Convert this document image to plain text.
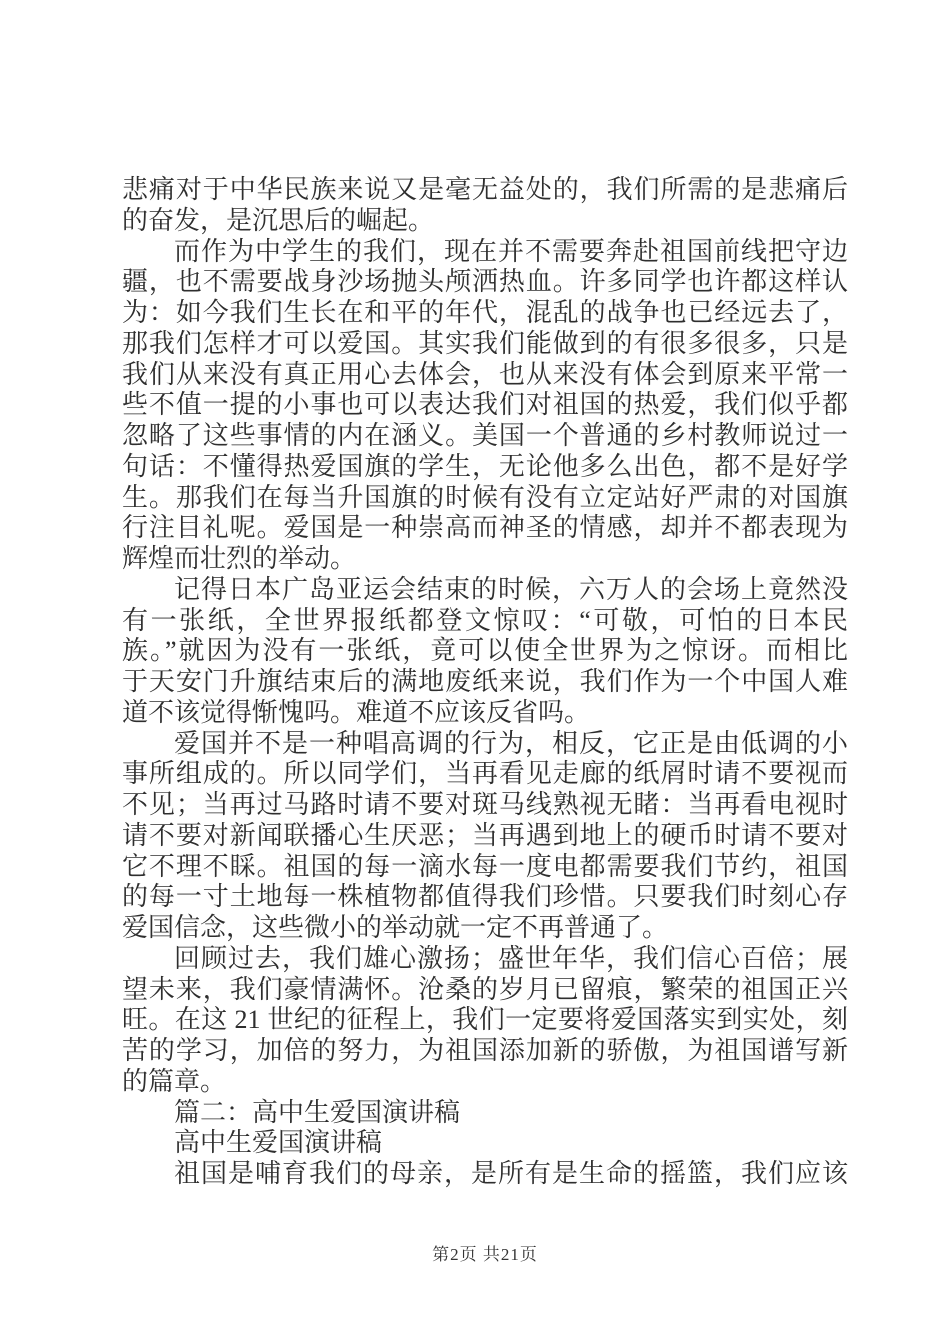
悲痛对于中华民族来说又是毫无益处的，我们所需的是悲痛后
的奋发，是沉思后的崛起。
而作为中学生的我们，现在并不需要奔赴祖国前线把守边
疆，也不需要战身沙场抛头颅洒热血。许多同学也许都这样认
为：如今我们生长在和平的年代，混乱的战争也已经远去了，
那我们怎样才可以爱国。其实我们能做到的有很多很多，只是
我们从来没有真正用心去体会，也从来没有体会到原来平常一
些不值一提的小事也可以表达我们对祖国的热爱，我们似乎都
忽略了这些事情的内在涵义。美国一个普通的乡村教师说过一
句话：不懂得热爱国旗的学生，无论他多么出色，都不是好学
生。那我们在每当升国旗的时候有没有立定站好严肃的对国旗
行注目礼呢。爱国是一种崇高而神圣的情感，却并不都表现为
辉煌而壮烈的举动。
记得日本广岛亚运会结束的时候，六万人的会场上竟然没
有一张纸，全世界报纸都登文惊叹：“可敬，可怕的日本民
族。”就因为没有一张纸，竟可以使全世界为之惊讶。而相比
于天安门升旗结束后的满地废纸来说，我们作为一个中国人难
道不该觉得惭愧吗。难道不应该反省吗。
爱国并不是一种唱高调的行为，相反，它正是由低调的小
事所组成的。所以同学们，当再看见走廊的纸屑时请不要视而
不见；当再过马路时请不要对斑马线熟视无睹：当再看电视时
请不要对新闻联播心生厌恶；当再遇到地上的硬币时请不要对
它不理不睬。祖国的每一滴水每一度电都需要我们节约，祖国
的每一寸土地每一株植物都值得我们珍惜。只要我们时刻心存
爱国信念，这些微小的举动就一定不再普通了。
回顾过去，我们雄心激扬；盛世年华，我们信心百倍；展
望未来，我们豪情满怀。沧桑的岁月已留痕，繁荣的祖国正兴
旺。在这 21 世纪的征程上，我们一定要将爱国落实到实处，刻
苦的学习，加倍的努力，为祖国添加新的骄傲，为祖国谱写新
的篇章。
篇二：高中生爱国演讲稿
高中生爱国演讲稿
祖国是哺育我们的母亲，是所有是生命的摇篮，我们应该
第2页 共21页
